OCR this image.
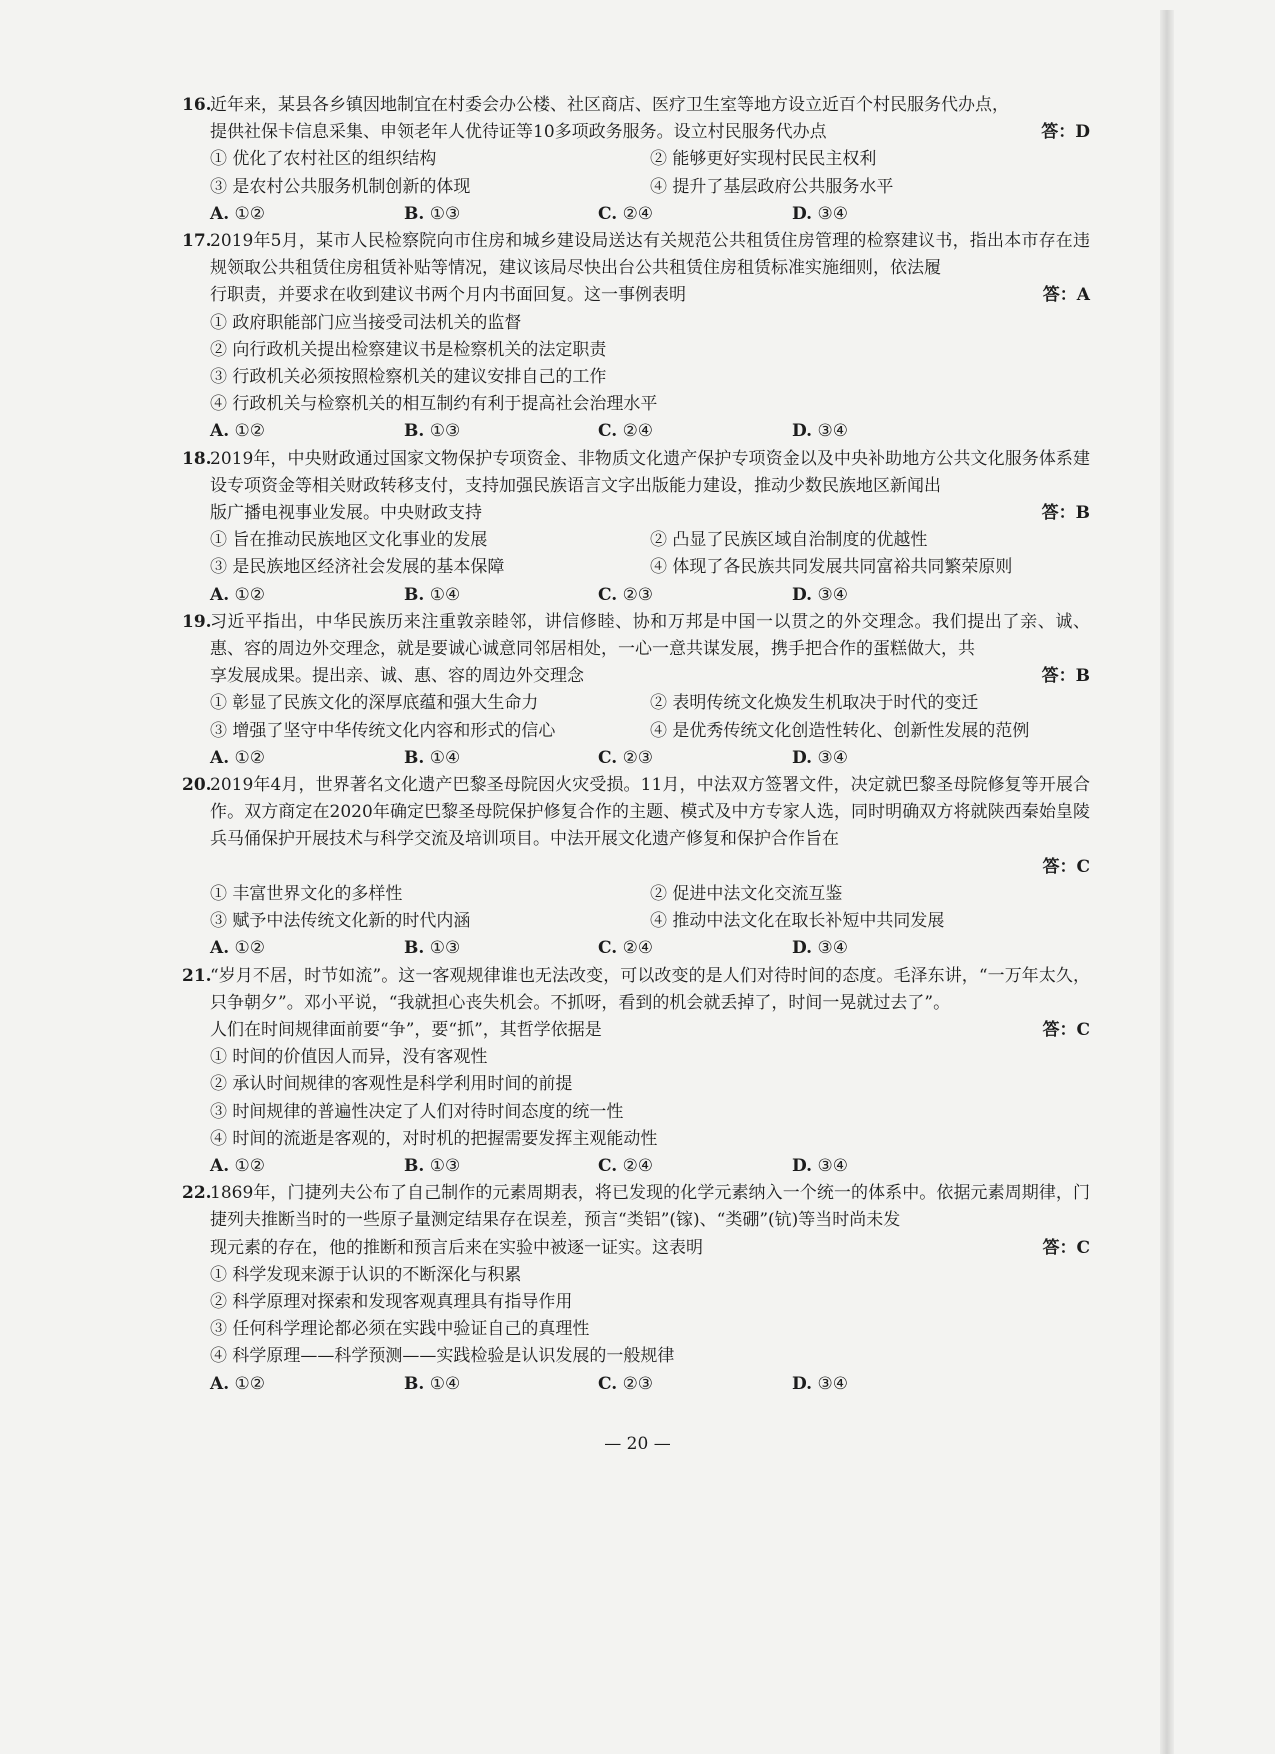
16.
近年来，某县各乡镇因地制宜在村委会办公楼、社区商店、医疗卫生室等地方设立近百个村民服务代办点，
答：D
提供社保卡信息采集、申领老年人优待证等10多项政务服务。设立村民服务代办点
① 优化了农村社区的组织结构	② 能够更好实现村民民主权利
③ 是农村公共服务机制创新的体现	④ 提升了基层政府公共服务水平
A. ①②	B. ①③	C. ②④	D. ③④
17.
2019年5月，某市人民检察院向市住房和城乡建设局送达有关规范公共租赁住房管理的检察建议书，指出本市存在违规领取公共租赁住房租赁补贴等情况，建议该局尽快出台公共租赁住房租赁标准实施细则，依法履
答：A
行职责，并要求在收到建议书两个月内书面回复。这一事例表明
① 政府职能部门应当接受司法机关的监督
② 向行政机关提出检察建议书是检察机关的法定职责
③ 行政机关必须按照检察机关的建议安排自己的工作
④ 行政机关与检察机关的相互制约有利于提高社会治理水平
A. ①②	B. ①③	C. ②④	D. ③④
18.
2019年，中央财政通过国家文物保护专项资金、非物质文化遗产保护专项资金以及中央补助地方公共文化服务体系建设专项资金等相关财政转移支付，支持加强民族语言文字出版能力建设，推动少数民族地区新闻出
答：B
版广播电视事业发展。中央财政支持
① 旨在推动民族地区文化事业的发展	② 凸显了民族区域自治制度的优越性
③ 是民族地区经济社会发展的基本保障	④ 体现了各民族共同发展共同富裕共同繁荣原则
A. ①②	B. ①④	C. ②③	D. ③④
19.
习近平指出，中华民族历来注重敦亲睦邻，讲信修睦、协和万邦是中国一以贯之的外交理念。我们提出了亲、诚、惠、容的周边外交理念，就是要诚心诚意同邻居相处，一心一意共谋发展，携手把合作的蛋糕做大，共
答：B
享发展成果。提出亲、诚、惠、容的周边外交理念
① 彰显了民族文化的深厚底蕴和强大生命力	② 表明传统文化焕发生机取决于时代的变迁
③ 增强了坚守中华传统文化内容和形式的信心	④ 是优秀传统文化创造性转化、创新性发展的范例
A. ①②	B. ①④	C. ②③	D. ③④
20.
2019年4月，世界著名文化遗产巴黎圣母院因火灾受损。11月，中法双方签署文件，决定就巴黎圣母院修复等开展合作。双方商定在2020年确定巴黎圣母院保护修复合作的主题、模式及中方专家人选，同时明确双方将就陕西秦始皇陵兵马俑保护开展技术与科学交流及培训项目。中法开展文化遗产修复和保护合作旨在
答：C
① 丰富世界文化的多样性	② 促进中法文化交流互鉴
③ 赋予中法传统文化新的时代内涵	④ 推动中法文化在取长补短中共同发展
A. ①②	B. ①③	C. ②④	D. ③④
21.
“岁月不居，时节如流”。这一客观规律谁也无法改变，可以改变的是人们对待时间的态度。毛泽东讲，“一万年太久，只争朝夕”。邓小平说，“我就担心丧失机会。不抓呀，看到的机会就丢掉了，时间一晃就过去了”。
答：C
人们在时间规律面前要“争”，要“抓”，其哲学依据是
① 时间的价值因人而异，没有客观性
② 承认时间规律的客观性是科学利用时间的前提
③ 时间规律的普遍性决定了人们对待时间态度的统一性
④ 时间的流逝是客观的，对时机的把握需要发挥主观能动性
A. ①②	B. ①③	C. ②④	D. ③④
22.
1869年，门捷列夫公布了自己制作的元素周期表，将已发现的化学元素纳入一个统一的体系中。依据元素周期律，门捷列夫推断当时的一些原子量测定结果存在误差，预言“类铝”(镓)、“类硼”(钪)等当时尚未发
答：C
现元素的存在，他的推断和预言后来在实验中被逐一证实。这表明
① 科学发现来源于认识的不断深化与积累
② 科学原理对探索和发现客观真理具有指导作用
③ 任何科学理论都必须在实践中验证自己的真理性
④ 科学原理——科学预测——实践检验是认识发展的一般规律
A. ①②	B. ①④	C. ②③	D. ③④
— 20 —
